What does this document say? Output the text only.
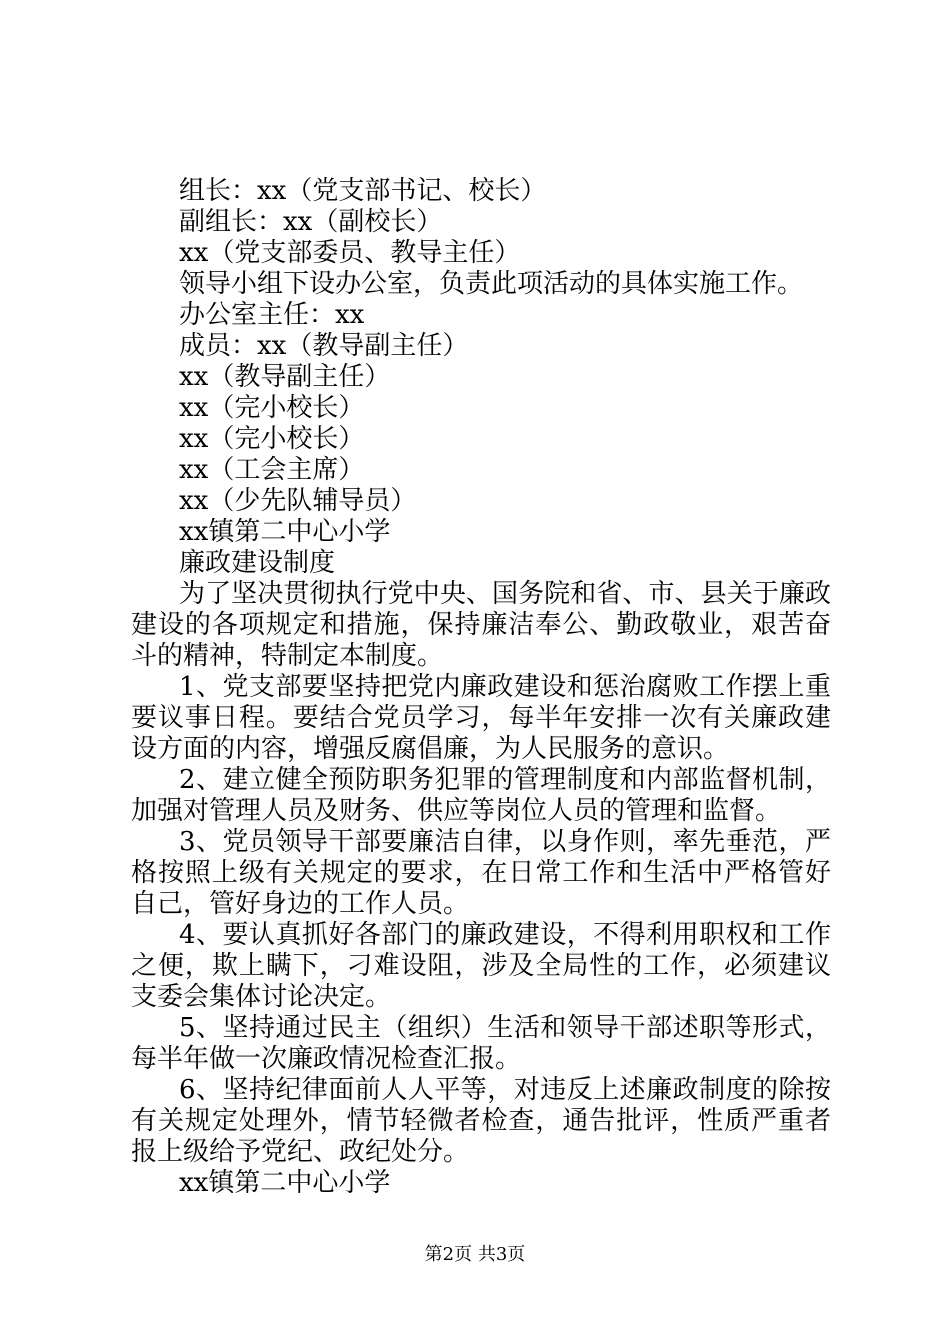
组长：xx（党支部书记、校长）
副组长：xx（副校长）
xx（党支部委员、教导主任）
领导小组下设办公室，负责此项活动的具体实施工作。
办公室主任：xx
成员：xx（教导副主任）
xx（教导副主任）
xx（完小校长）
xx（完小校长）
xx（工会主席）
xx（少先队辅导员）
xx镇第二中心小学
廉政建设制度

为了坚决贯彻执行党中央、国务院和省、市、县关于廉政建设的各项规定和措施，保持廉洁奉公、勤政敬业，艰苦奋斗的精神，特制定本制度。

1、党支部要坚持把党内廉政建设和惩治腐败工作摆上重要议事日程。要结合党员学习，每半年安排一次有关廉政建设方面的内容，增强反腐倡廉，为人民服务的意识。

2、建立健全预防职务犯罪的管理制度和内部监督机制，加强对管理人员及财务、供应等岗位人员的管理和监督。

3、党员领导干部要廉洁自律，以身作则，率先垂范，严格按照上级有关规定的要求，在日常工作和生活中严格管好自己，管好身边的工作人员。

4、要认真抓好各部门的廉政建设，不得利用职权和工作之便，欺上瞒下，刁难设阻，涉及全局性的工作，必须建议支委会集体讨论决定。

5、坚持通过民主（组织）生活和领导干部述职等形式，每半年做一次廉政情况检查汇报。

6、坚持纪律面前人人平等，对违反上述廉政制度的除按有关规定处理外，情节轻微者检查，通告批评，性质严重者报上级给予党纪、政纪处分。

xx镇第二中心小学
第2页 共3页
